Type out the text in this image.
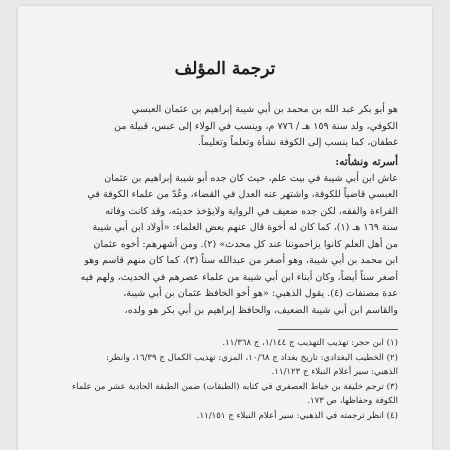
ترجمة المؤلف

هو أبو بكر عبد الله بن محمد بن أبي شيبة إبراهيم بن عثمان العبسي

الكوفي، ولد سنة ١٥٩ هـ / ٧٧٦ م، وينسب في الولاء إلى عبس، قبيلة من

غطفان، كما ينسب إلى الكوفة نشأة وتعلماً وتعليماً.

أسرته ونشأته:

عاش ابن أبي شيبة في بيت علم، حيث كان جده أبو شيبة إبراهيم بن عثمان

العبسي قاضياً للكوفة، واشتهر عنه العدل في القضاء، وعُدّ من علماء الكوفة في

القراءة والفقه، لكن جده ضعيف في الرواية ولايؤخذ حديثه، وقد كانت وفاته

سنة ١٦٩ هـ (١)، كما كان له أخوة قال عنهم بعض العلماء: «أولاد ابن أبي شيبة

من أهل العلم كانوا يزاحموننا عند كل محدث» (٢). ومن أشهرهم: أخوه عثمان

ابن محمد بن أبي شيبة، وهو أصغر من عبدالله سناً (٣)، كما كان منهم قاسم وهو

أصغر سناً أيضاً، وكان أبناء ابن أبي شيبة من علماء عصرهم في الحديث، ولهم فيه

عدة مصنفات (٤). يقول الذهبي: «هو أخو الحافظ عثمان بن أبي شيبة،

والقاسم ابن أبي شيبة الضعيف، والحافظ إبراهيم بن أبي بكر هو ولده،

(١) ابن حجر: تهذيب التهذيب ج ١/١٤٤، ج ١١/٣٦٨.

(٢) الخطيب البغدادي: تاريخ بغداد ج ١٠/٦٨، المزي: تهذيب الكمال ج ١٦/٣٩، وانظر:

الذهبي: سير أعلام النبلاء ج ١١/١٢٣.

(٣) ترجم خليفة بن خياط العصفري في كتابه (الطبقات) ضمن الطبقة الحادية عشر من علماء

الكوفة وحفاظها، ص ١٧٣.

(٤) انظر ترجمته في الذهبي: سير أعلام النبلاء ج ١١/١٥١.
